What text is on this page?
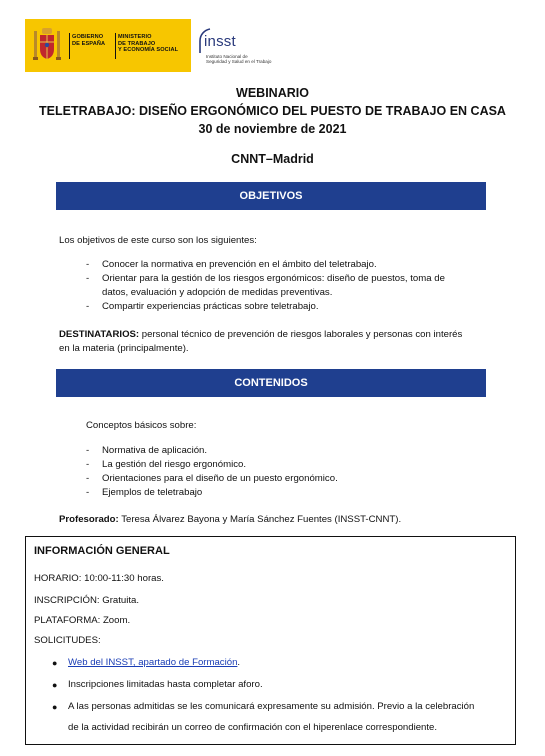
GOBIERNO
DE ESPAÑA
MINISTERIO
DE TRABAJO
Y ECONOMÍA SOCIAL
insst
Instituto Nacional de
Seguridad y Salud en el Trabajo
WEBINARIO
TELETRABAJO: DISEÑO ERGONÓMICO DEL PUESTO DE TRABAJO EN CASA
30 de noviembre de 2021
CNNT–Madrid
OBJETIVOS
Los objetivos de este curso son los siguientes:
- Conocer la normativa en prevención en el ámbito del teletrabajo.
- Orientar para la gestión de los riesgos ergonómicos: diseño de puestos, toma de
datos, evaluación y adopción de medidas preventivas.
- Compartir experiencias prácticas sobre teletrabajo.
DESTINATARIOS: personal técnico de prevención de riesgos laborales y personas con interés
en la materia (principalmente).
CONTENIDOS
Conceptos básicos sobre:
- Normativa de aplicación.
- La gestión del riesgo ergonómico.
- Orientaciones para el diseño de un puesto ergonómico.
- Ejemplos de teletrabajo
Profesorado: Teresa Álvarez Bayona y María Sánchez Fuentes (INSST-CNNT).
INFORMACIÓN GENERAL
HORARIO: 10:00-11:30 horas.
INSCRIPCIÓN: Gratuita.
PLATAFORMA: Zoom.
SOLICITUDES:
● Web del INSST, apartado de Formación.
● Inscripciones limitadas hasta completar aforo.
● A las personas admitidas se les comunicará expresamente su admisión. Previo a la celebración
de la actividad recibirán un correo de confirmación con el hiperenlace correspondiente.
